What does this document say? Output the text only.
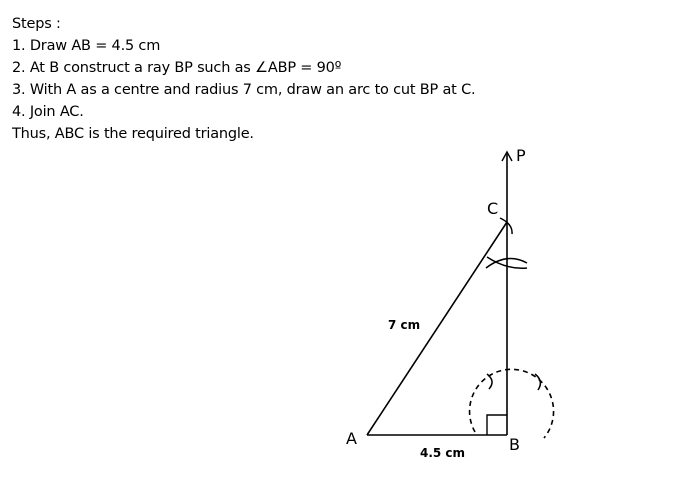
Steps :
1. Draw AB = 4.5 cm
2. At B construct a ray BP such as ∠ABP = 90º
3. With A as a centre and radius 7 cm, draw an arc to cut BP at C.
4. Join AC.
Thus, ABC is the required triangle.
A	B
C
P
7 cm
4.5 cm
